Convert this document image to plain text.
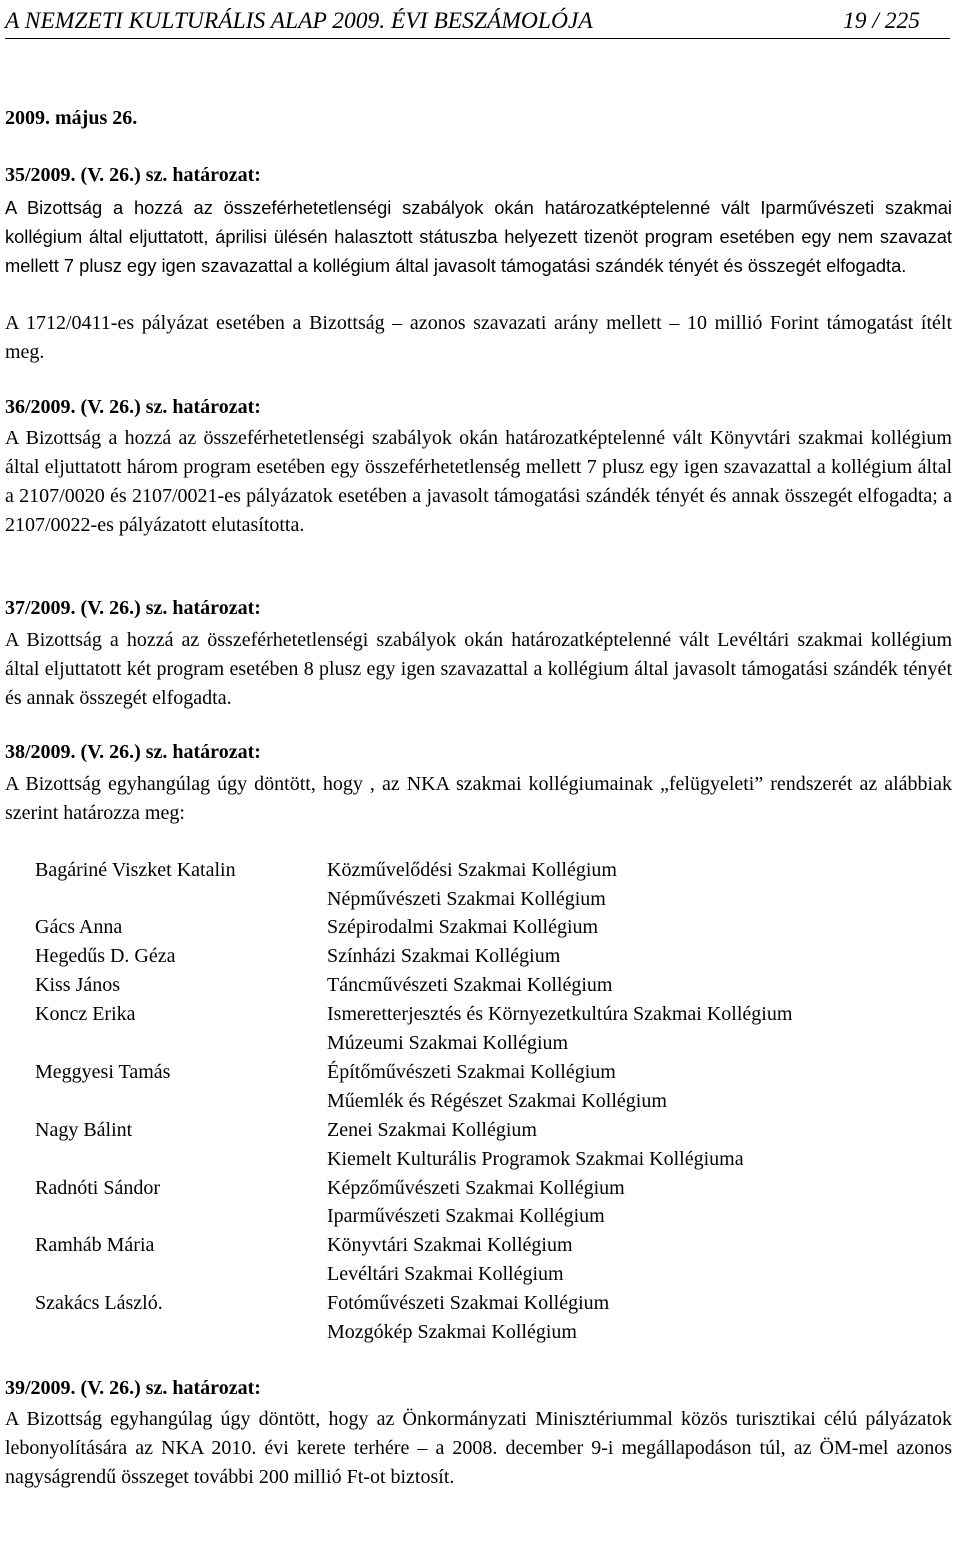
A NEMZETI KULTURÁLIS ALAP 2009. ÉVI BESZÁMOLÓJA	19 / 225
2009. május 26.
35/2009. (V. 26.) sz. határozat:
A Bizottság a hozzá az összeférhetetlenségi szabályok okán határozatképtelenné vált Iparművészeti szakmai kollégium által eljuttatott, áprilisi ülésén halasztott státuszba helyezett tizenöt program esetében egy nem szavazat mellett 7 plusz egy igen szavazattal a kollégium által javasolt támogatási szándék tényét és összegét elfogadta.
A 1712/0411-es pályázat esetében a Bizottság – azonos szavazati arány mellett – 10 millió Forint támogatást ítélt meg.
36/2009. (V. 26.) sz. határozat:
A Bizottság a hozzá az összeférhetetlenségi szabályok okán határozatképtelenné vált Könyvtári szakmai kollégium által eljuttatott három program esetében egy összeférhetetlenség mellett 7 plusz egy igen szavazattal a kollégium által a 2107/0020 és 2107/0021-es pályázatok esetében a javasolt támogatási szándék tényét és annak összegét elfogadta; a 2107/0022-es pályázatott elutasította.
37/2009. (V. 26.) sz. határozat:
A Bizottság a hozzá az összeférhetetlenségi szabályok okán határozatképtelenné vált Levéltári szakmai kollégium által eljuttatott két program esetében 8 plusz egy igen szavazattal a kollégium által javasolt támogatási szándék tényét és annak összegét elfogadta.
38/2009. (V. 26.) sz. határozat:
A Bizottság egyhangúlag úgy döntött, hogy , az NKA szakmai kollégiumainak „felügyeleti” rendszerét az alábbiak szerint határozza meg:
Bagáriné Viszket Katalin
Gács Anna
Hegedűs D. Géza
Kiss János
Koncz Erika
Meggyesi Tamás
Nagy Bálint
Radnóti Sándor
Ramháb Mária
Szakács László.
Közművelődési Szakmai Kollégium
Népművészeti Szakmai Kollégium
Szépirodalmi Szakmai Kollégium
Színházi Szakmai Kollégium
Táncművészeti Szakmai Kollégium
Ismeretterjesztés és Környezetkultúra Szakmai Kollégium
Múzeumi Szakmai Kollégium
Építőművészeti Szakmai Kollégium
Műemlék és Régészet Szakmai Kollégium
Zenei Szakmai Kollégium
Kiemelt Kulturális Programok Szakmai Kollégiuma
Képzőművészeti Szakmai Kollégium
Iparművészeti Szakmai Kollégium
Könyvtári Szakmai Kollégium
Levéltári Szakmai Kollégium
Fotóművészeti Szakmai Kollégium
Mozgókép Szakmai Kollégium
39/2009. (V. 26.) sz. határozat:
A Bizottság egyhangúlag úgy döntött, hogy az Önkormányzati Minisztériummal közös turisztikai célú pályázatok lebonyolítására az NKA 2010. évi kerete terhére – a 2008. december 9-i megállapodáson túl, az ÖM-mel azonos nagyságrendű összeget további 200 millió Ft-ot biztosít.
